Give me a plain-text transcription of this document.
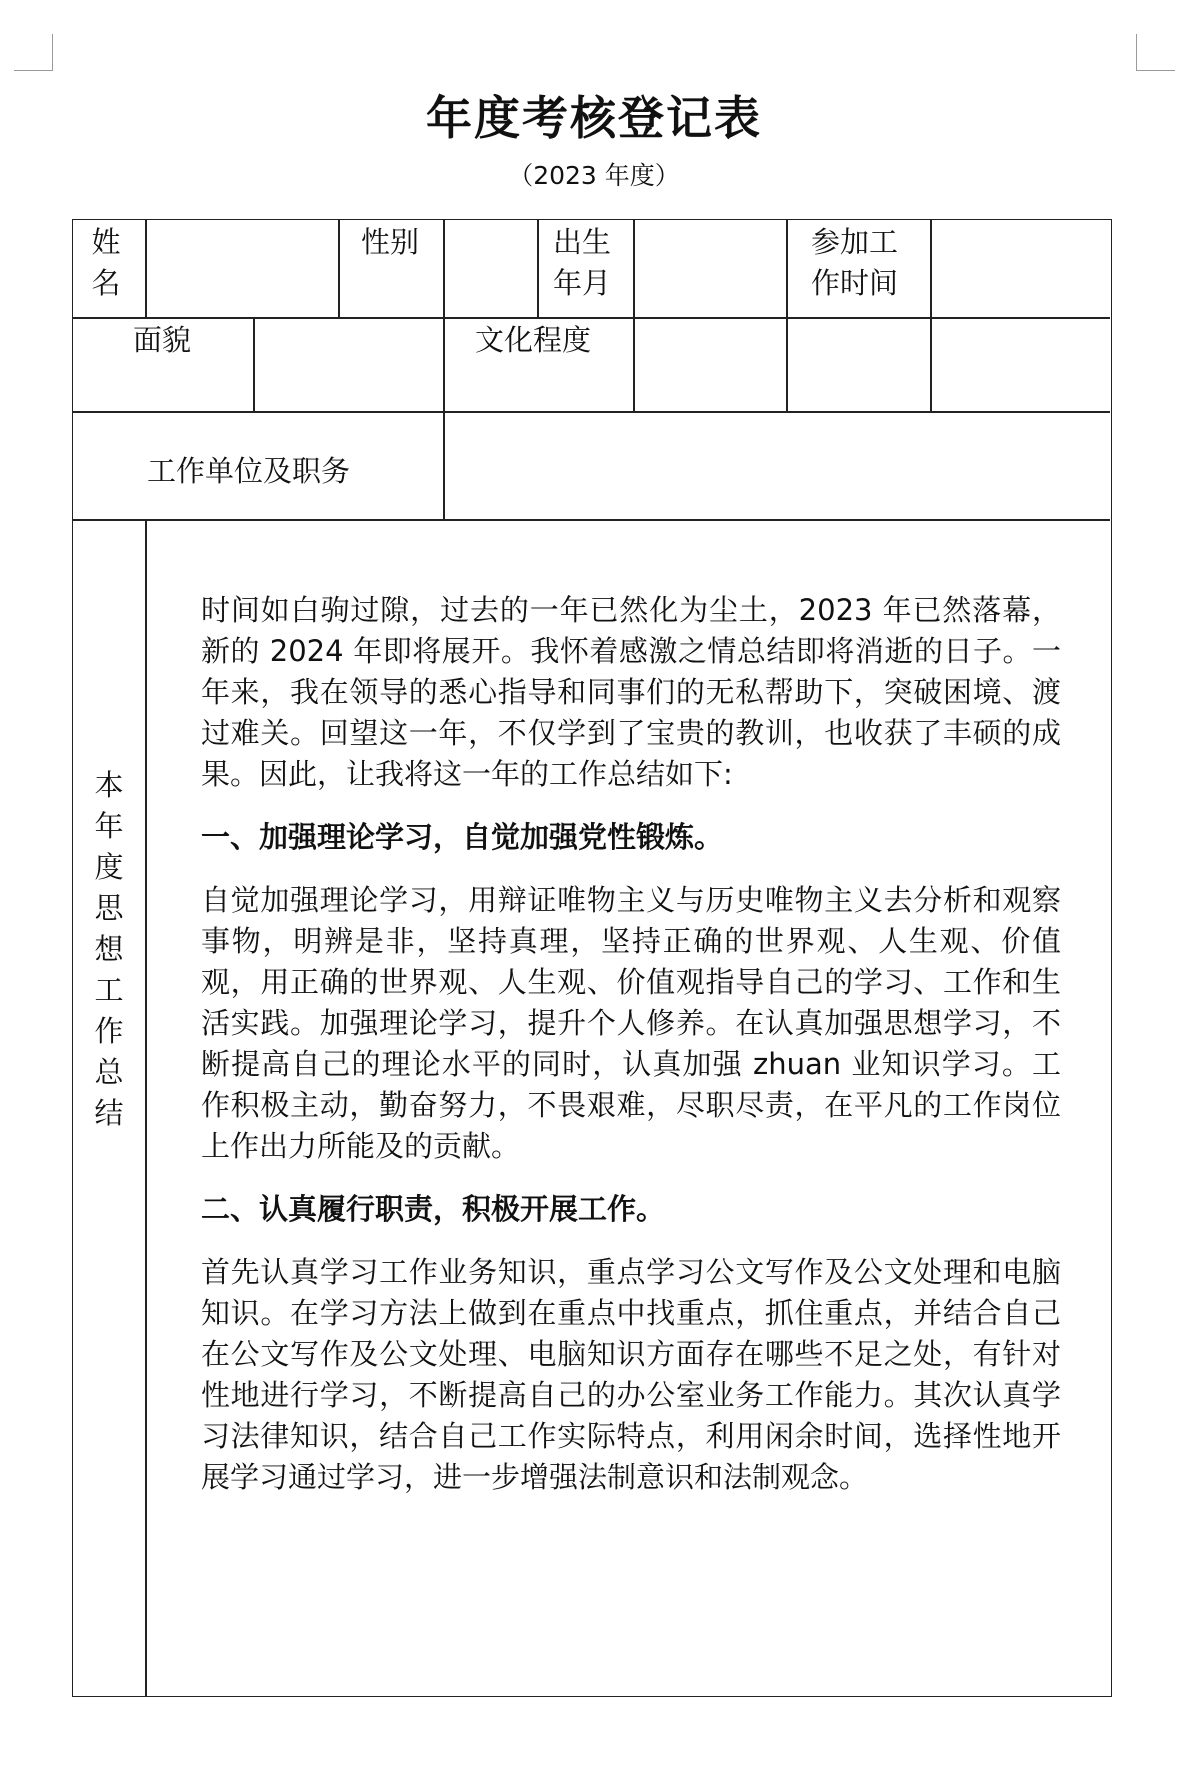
年度考核登记表
（2023 年度）
姓名
性别	出生年月
参加工作时间
面貌	文化程度
工作单位及职务
本年度思想工作总结

时间如白驹过隙，过去的一年已然化为尘土，2023 年已然落幕，新的 2024 年即将展开。我怀着感激之情总结即将消逝的日子。一年来，我在领导的悉心指导和同事们的无私帮助下，突破困境、渡过难关。回望这一年，不仅学到了宝贵的教训，也收获了丰硕的成果。因此，让我将这一年的工作总结如下:

一、加强理论学习，自觉加强党性锻炼。

自觉加强理论学习，用辩证唯物主义与历史唯物主义去分析和观察事物，明辨是非，坚持真理，坚持正确的世界观、人生观、价值观，用正确的世界观、人生观、价值观指导自己的学习、工作和生活实践。加强理论学习，提升个人修养。在认真加强思想学习，不断提高自己的理论水平的同时，认真加强 zhuan 业知识学习。工作积极主动，勤奋努力，不畏艰难，尽职尽责，在平凡的工作岗位上作出力所能及的贡献。

二、认真履行职责，积极开展工作。

首先认真学习工作业务知识，重点学习公文写作及公文处理和电脑知识。在学习方法上做到在重点中找重点，抓住重点，并结合自己在公文写作及公文处理、电脑知识方面存在哪些不足之处，有针对性地进行学习，不断提高自己的办公室业务工作能力。其次认真学习法律知识，结合自己工作实际特点，利用闲余时间，选择性地开展学习通过学习，进一步增强法制意识和法制观念。
